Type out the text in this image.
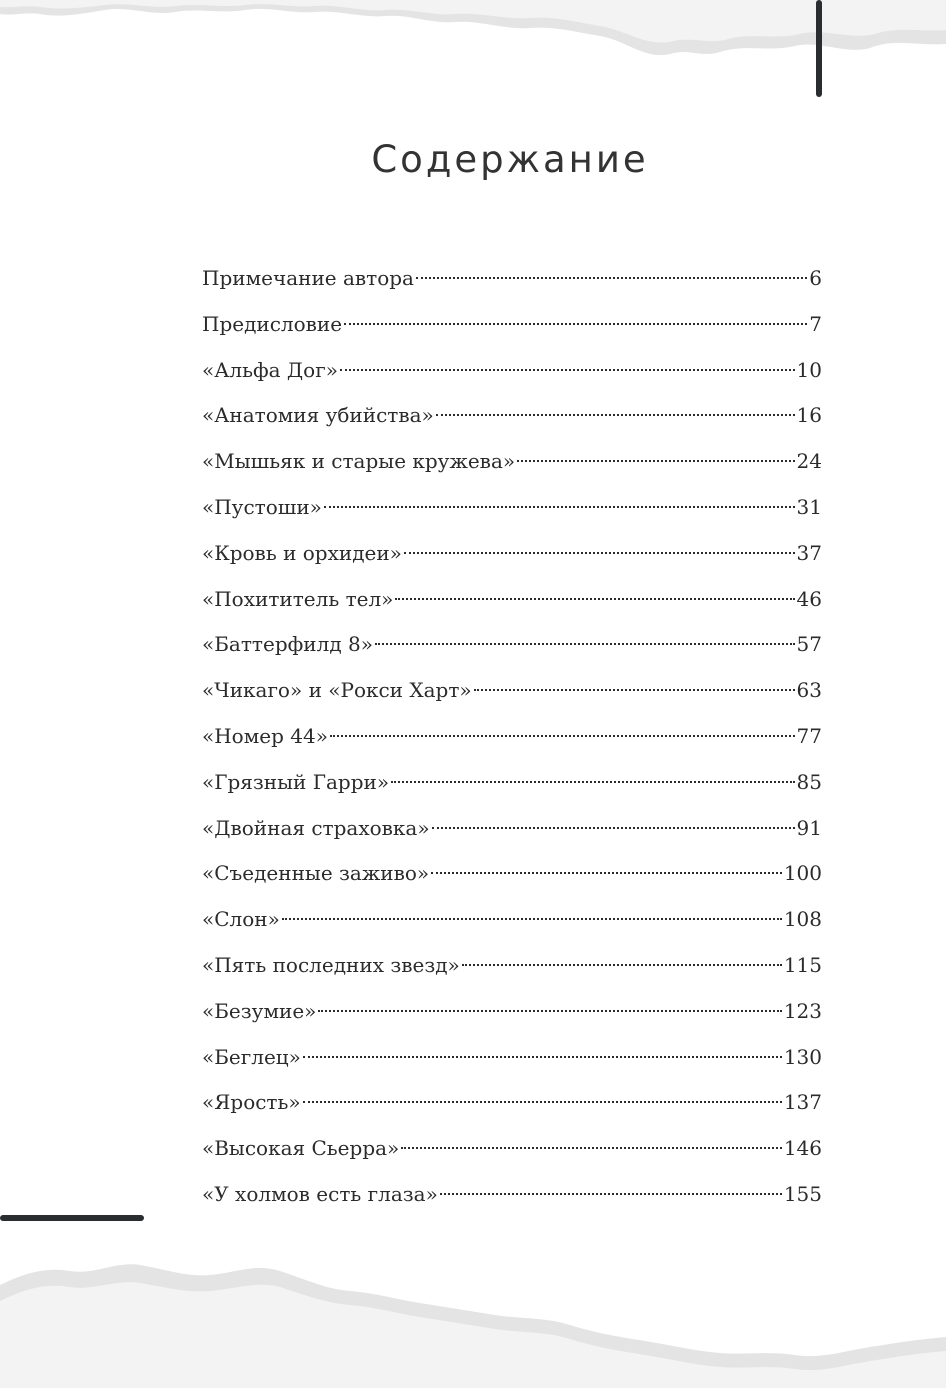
Содержание
Примечание автора	6
Предисловие	7
«Альфа Дог»	10
«Анатомия убийства»	16
«Мышьяк и старые кружева»	24
«Пустоши»	31
«Кровь и орхидеи»	37
«Похититель тел»	46
«Баттерфилд 8»	57
«Чикаго» и «Рокси Харт»	63
«Номер 44»	77
«Грязный Гарри»	85
«Двойная страховка»	91
«Съеденные заживо»	100
«Слон»	108
«Пять последних звезд»	115
«Безумие»	123
«Беглец»	130
«Ярость»	137
«Высокая Сьерра»	146
«У холмов есть глаза»	155
